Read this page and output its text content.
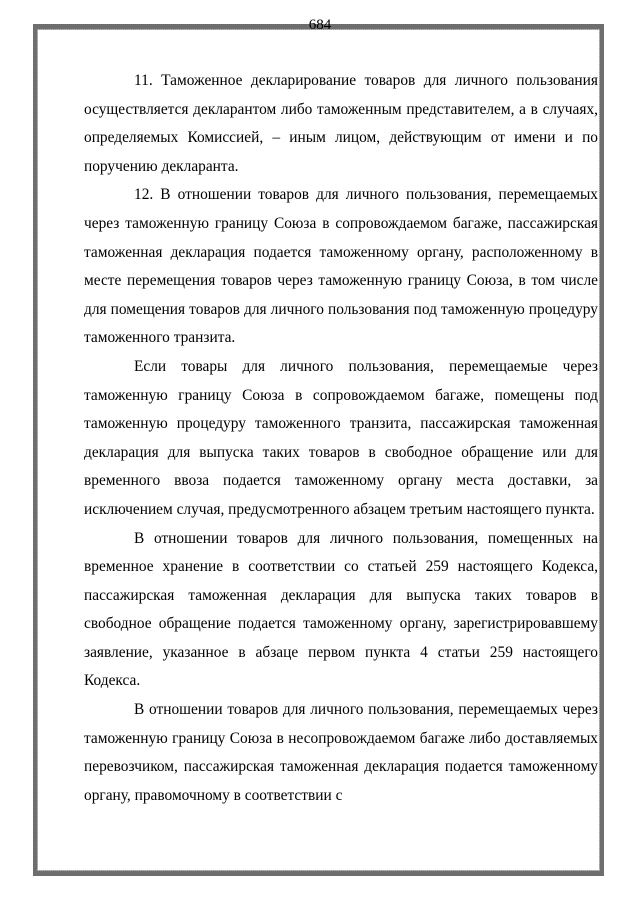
684

11. Таможенное декларирование товаров для личного пользования осуществляется декларантом либо таможенным представителем, а в случаях, определяемых Комиссией, – иным лицом, действующим от имени и по поручению декларанта.

12. В отношении товаров для личного пользования, перемещаемых через таможенную границу Союза в сопровождаемом багаже, пассажирская таможенная декларация подается таможенному органу, расположенному в месте перемещения товаров через таможенную границу Союза, в том числе для помещения товаров для личного пользования под таможенную процедуру таможенного транзита.

Если товары для личного пользования, перемещаемые через таможенную границу Союза в сопровождаемом багаже, помещены под таможенную процедуру таможенного транзита, пассажирская таможенная декларация для выпуска таких товаров в свободное обращение или для временного ввоза подается таможенному органу места доставки, за исключением случая, предусмотренного абзацем третьим настоящего пункта.

В отношении товаров для личного пользования, помещенных на временное хранение в соответствии со статьей 259 настоящего Кодекса, пассажирская таможенная декларация для выпуска таких товаров в свободное обращение подается таможенному органу, зарегистрировавшему заявление, указанное в абзаце первом пункта 4 статьи 259 настоящего Кодекса.

В отношении товаров для личного пользования, перемещаемых через таможенную границу Союза в несопровождаемом багаже либо доставляемых перевозчиком, пассажирская таможенная декларация подается таможенному органу, правомочному в соответствии с
